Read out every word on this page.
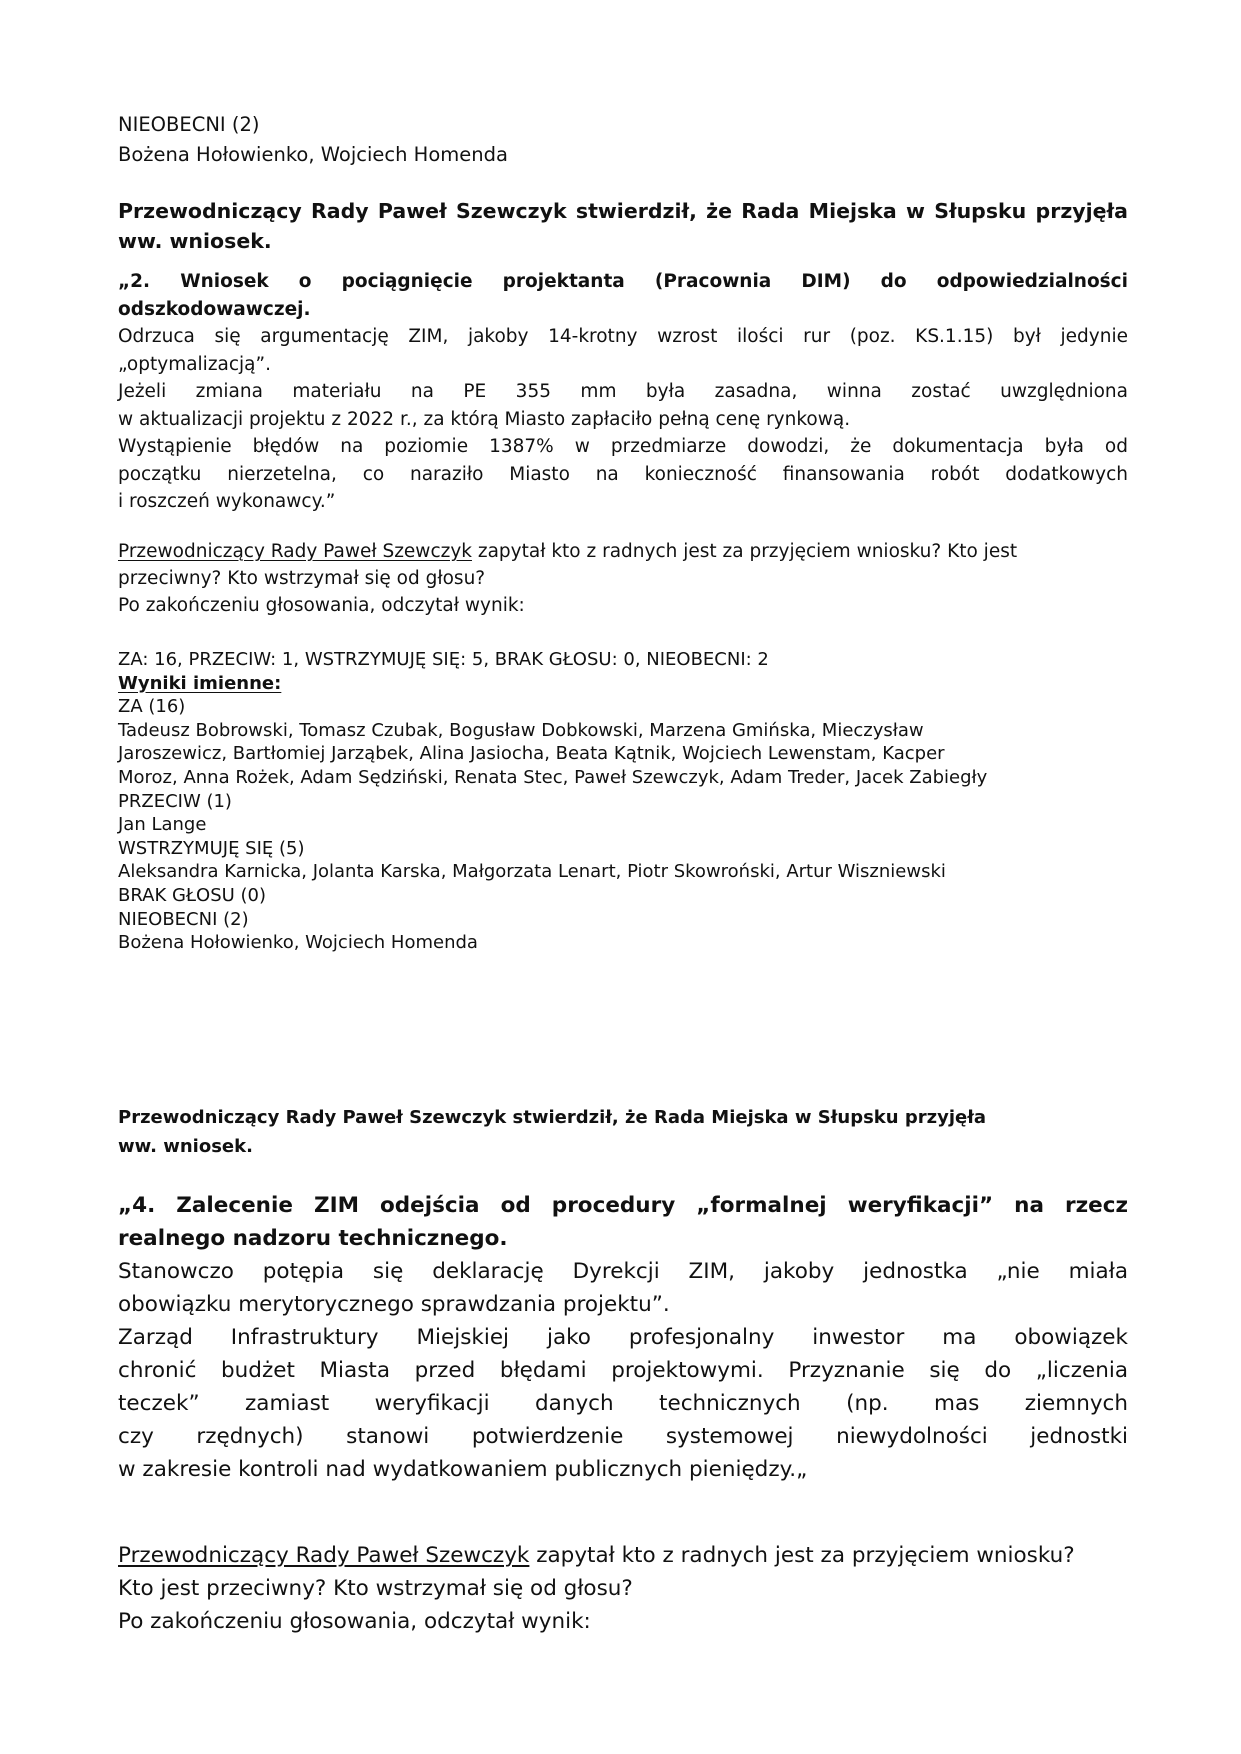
NIEOBECNI (2)
Bożena Hołowienko, Wojciech Homenda
Przewodniczący Rady Paweł Szewczyk stwierdził, że Rada Miejska w Słupsku przyjęła
ww. wniosek.
„2. Wniosek o pociągnięcie projektanta (Pracownia DIM) do odpowiedzialności
odszkodowawczej.
Odrzuca się argumentację ZIM, jakoby 14-krotny wzrost ilości rur (poz. KS.1.15) był jedynie
„optymalizacją”.
Jeżeli zmiana materiału na PE 355 mm była zasadna, winna zostać uwzględniona
w aktualizacji projektu z 2022 r., za którą Miasto zapłaciło pełną cenę rynkową.
Wystąpienie błędów na poziomie 1387% w przedmiarze dowodzi, że dokumentacja była od
początku nierzetelna, co naraziło Miasto na konieczność finansowania robót dodatkowych
i roszczeń wykonawcy.”
Przewodniczący Rady Paweł Szewczyk zapytał kto z radnych jest za przyjęciem wniosku? Kto jest
przeciwny? Kto wstrzymał się od głosu?
Po zakończeniu głosowania, odczytał wynik:
ZA: 16, PRZECIW: 1, WSTRZYMUJĘ SIĘ: 5, BRAK GŁOSU: 0, NIEOBECNI: 2
Wyniki imienne:
ZA (16)
Tadeusz Bobrowski, Tomasz Czubak, Bogusław Dobkowski, Marzena Gmińska, Mieczysław
Jaroszewicz, Bartłomiej Jarząbek, Alina Jasiocha, Beata Kątnik, Wojciech Lewenstam, Kacper
Moroz, Anna Rożek, Adam Sędziński, Renata Stec, Paweł Szewczyk, Adam Treder, Jacek Zabiegły
PRZECIW (1)
Jan Lange
WSTRZYMUJĘ SIĘ (5)
Aleksandra Karnicka, Jolanta Karska, Małgorzata Lenart, Piotr Skowroński, Artur Wiszniewski
BRAK GŁOSU (0)
NIEOBECNI (2)
Bożena Hołowienko, Wojciech Homenda
Przewodniczący Rady Paweł Szewczyk stwierdził, że Rada Miejska w Słupsku przyjęła
ww. wniosek.
„4. Zalecenie ZIM odejścia od procedury „formalnej weryfikacji” na rzecz
realnego nadzoru technicznego.
Stanowczo potępia się deklarację Dyrekcji ZIM, jakoby jednostka „nie miała
obowiązku merytorycznego sprawdzania projektu”.
Zarząd Infrastruktury Miejskiej jako profesjonalny inwestor ma obowiązek
chronić budżet Miasta przed błędami projektowymi. Przyznanie się do „liczenia
teczek” zamiast weryfikacji danych technicznych (np. mas ziemnych
czy rzędnych) stanowi potwierdzenie systemowej niewydolności jednostki
w zakresie kontroli nad wydatkowaniem publicznych pieniędzy.„
Przewodniczący Rady Paweł Szewczyk zapytał kto z radnych jest za przyjęciem wniosku?
Kto jest przeciwny? Kto wstrzymał się od głosu?
Po zakończeniu głosowania, odczytał wynik:
